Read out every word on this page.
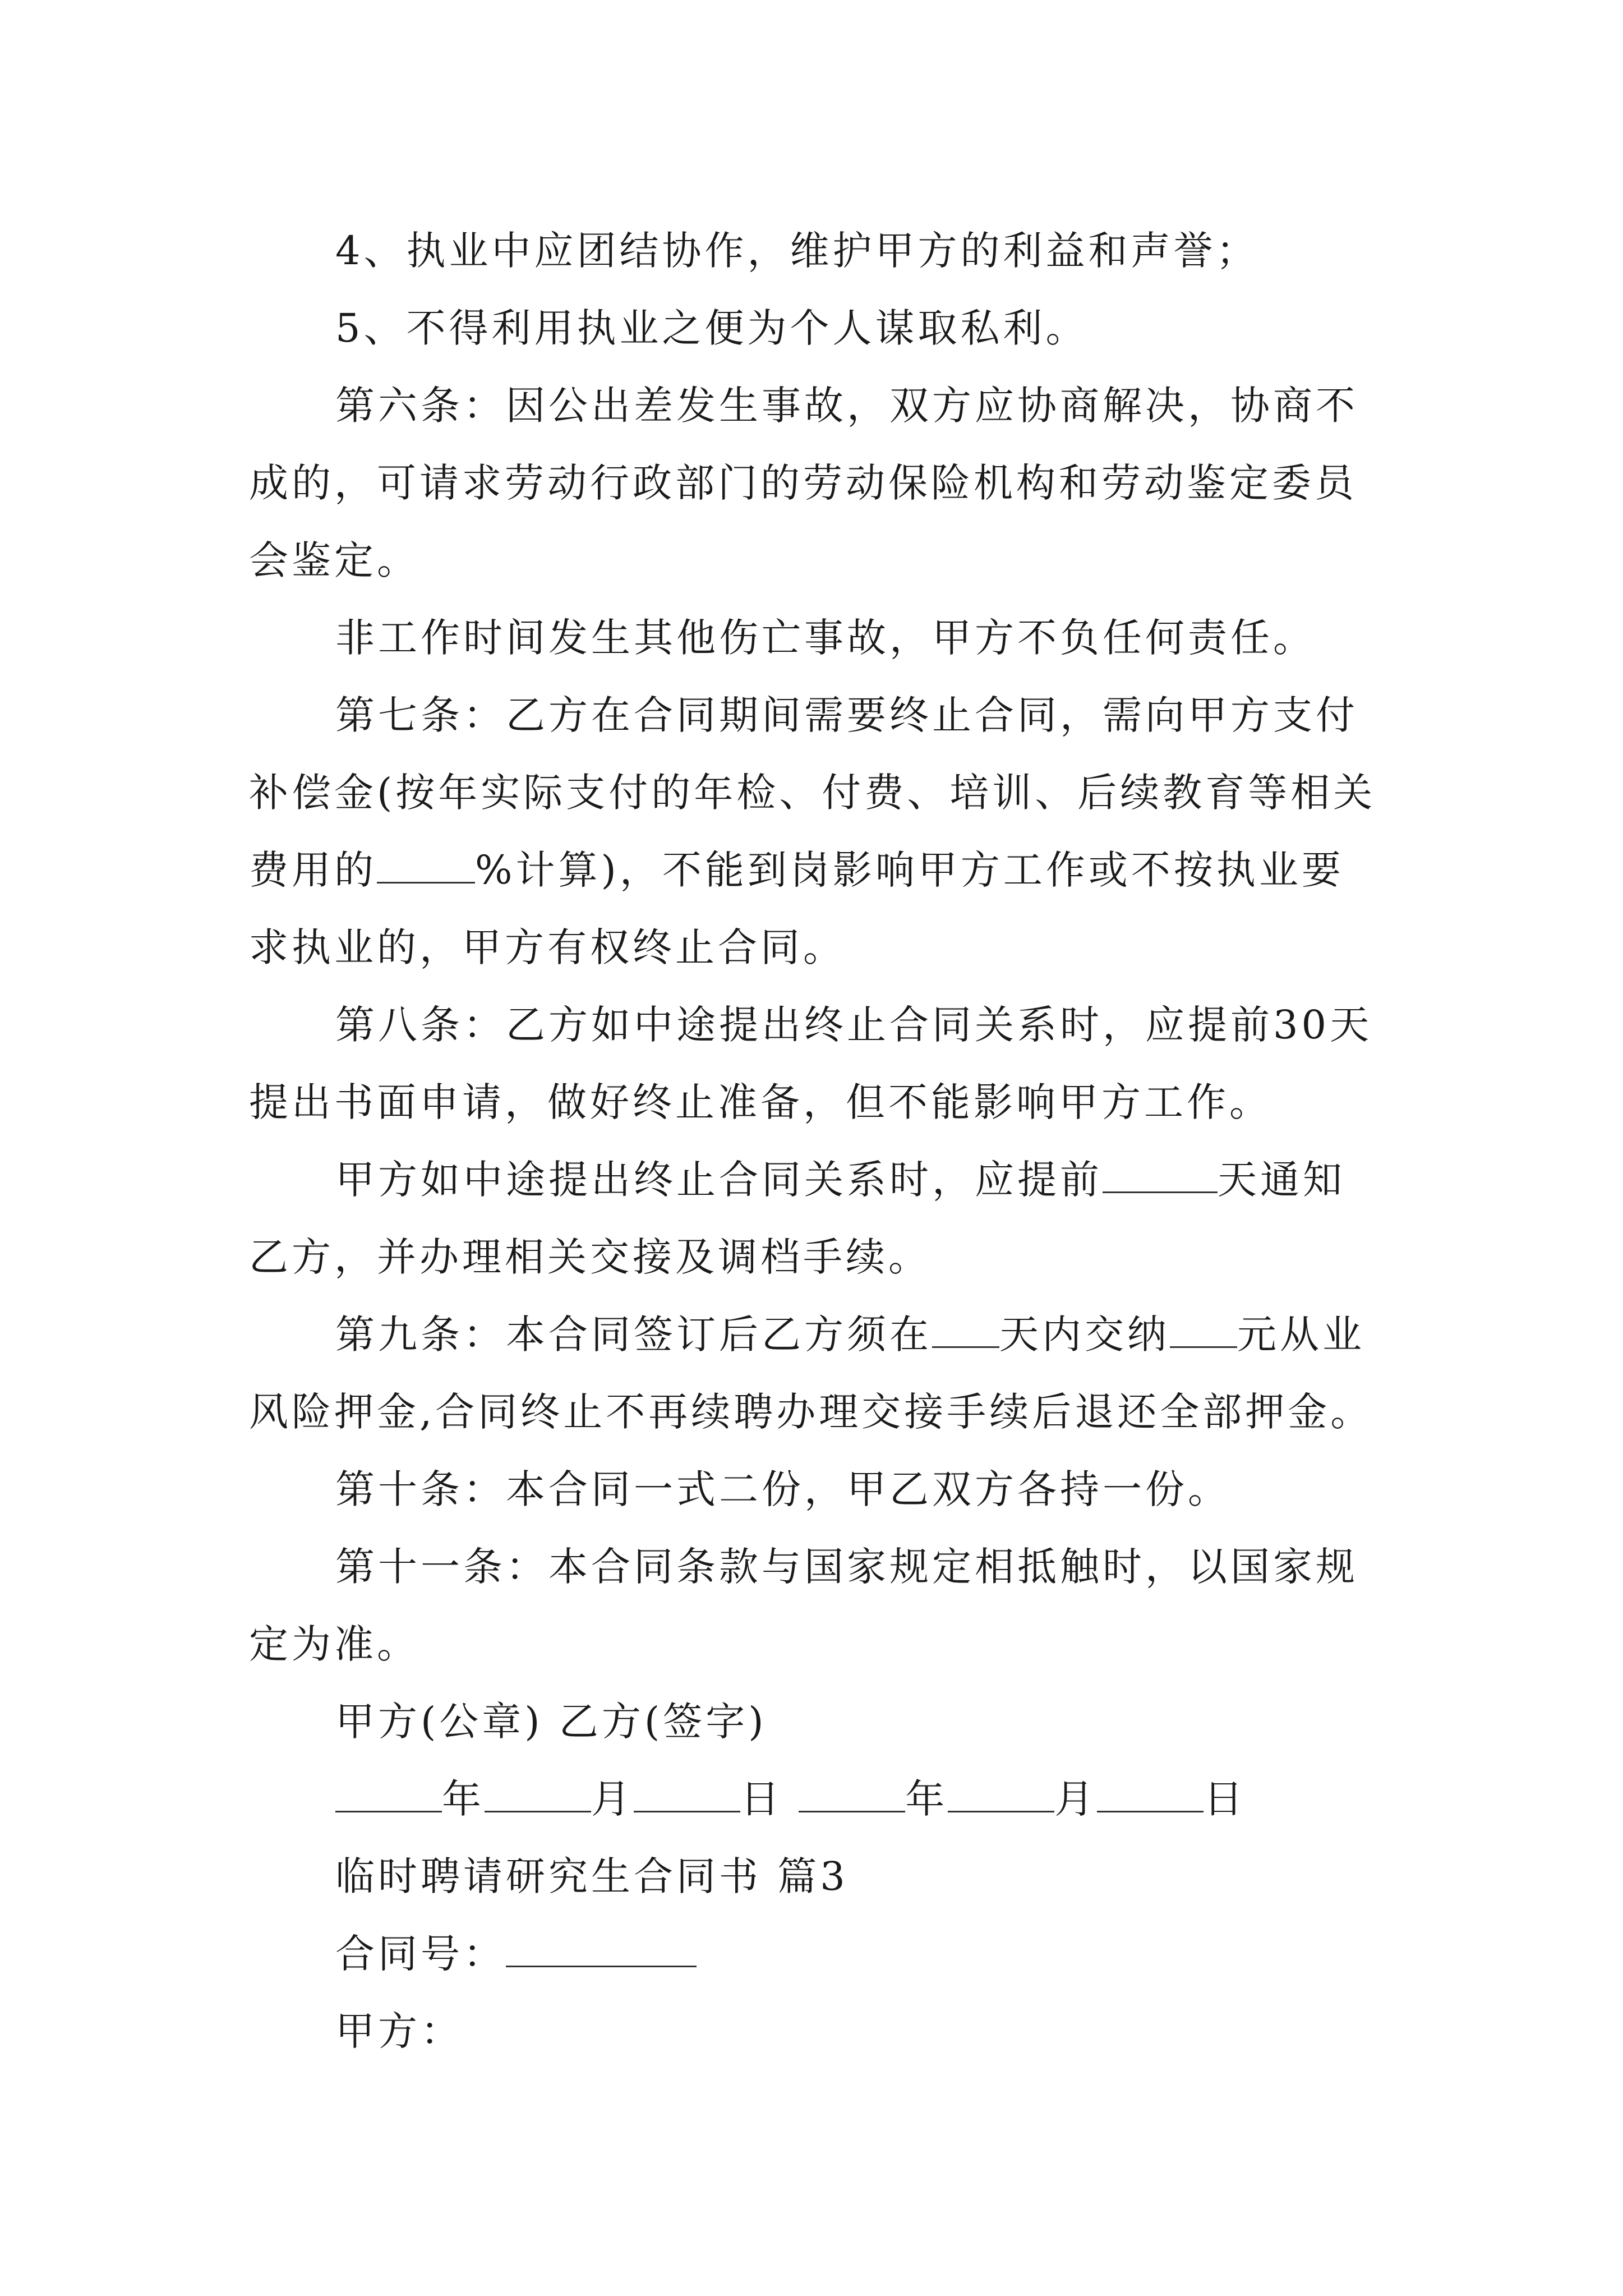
4、执业中应团结协作，维护甲方的利益和声誉；

5、不得利用执业之便为个人谋取私利。

第六条：因公出差发生事故，双方应协商解决，协商不成的，可请求劳动行政部门的劳动保险机构和劳动鉴定委员会鉴定。

非工作时间发生其他伤亡事故，甲方不负任何责任。

第七条：乙方在合同期间需要终止合同，需向甲方支付补偿金(按年实际支付的年检、付费、培训、后续教育等相关费用的	%计算)，不能到岗影响甲方工作或不按执业要求执业的，甲方有权终止合同。

第八条：乙方如中途提出终止合同关系时，应提前30天提出书面申请，做好终止准备，但不能影响甲方工作。

甲方如中途提出终止合同关系时，应提前	天通知乙方，并办理相关交接及调档手续。

第九条：本合同签订后乙方须在 天内交纳 元从业风险押金,合同终止不再续聘办理交接手续后退还全部押金。

第十条：本合同一式二份，甲乙双方各持一份。

第十一条：本合同条款与国家规定相抵触时，以国家规定为准。

甲方(公章) 乙方(签字)

年	月	日	年	月	日

临时聘请研究生合同书 篇3

合同号：

甲方：
